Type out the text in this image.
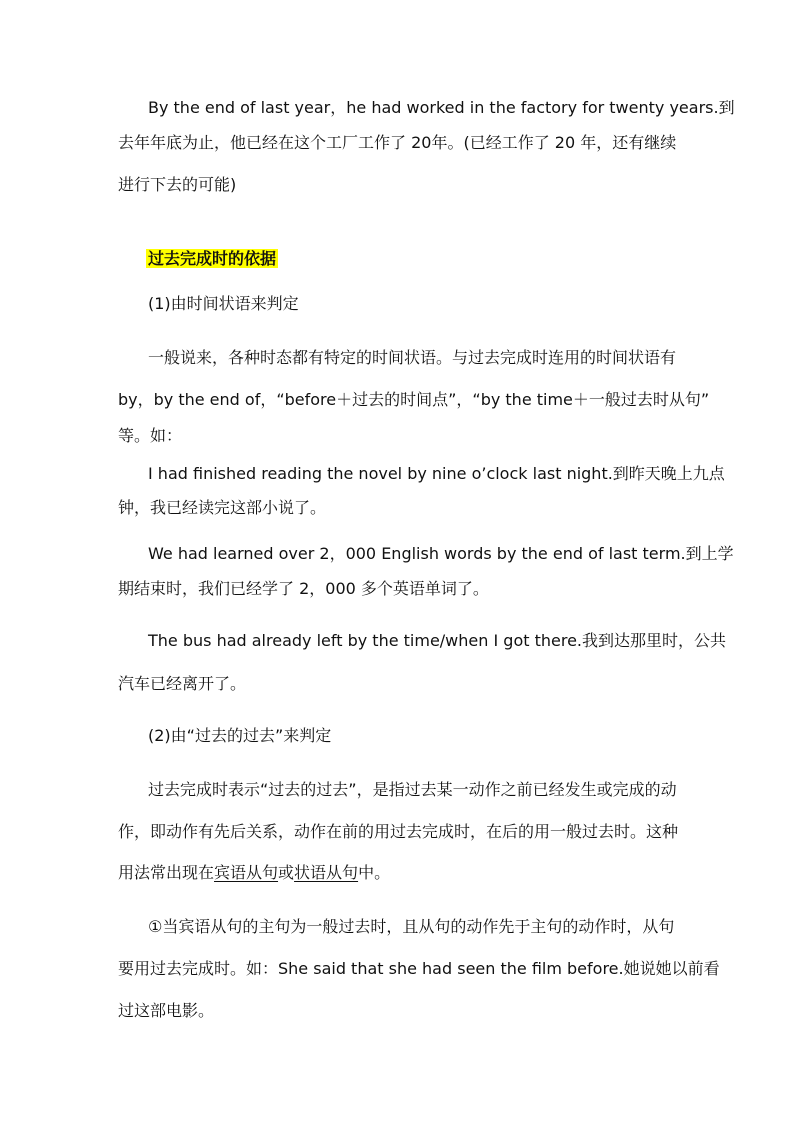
By the end of last year，he had worked in the factory for twenty years.到
去年年底为止，他已经在这个工厂工作了 20年。(已经工作了 20 年，还有继续
进行下去的可能)
过去完成时的依据
(1)由时间状语来判定
一般说来，各种时态都有特定的时间状语。与过去完成时连用的时间状语有
by，by the end of，“before＋过去的时间点”，“by the time＋一般过去时从句”
等。如：
I had finished reading the novel by nine o’clock last night.到昨天晚上九点
钟，我已经读完这部小说了。
We had learned over 2，000 English words by the end of last term.到上学
期结束时，我们已经学了 2，000 多个英语单词了。
The bus had already left by the time/when I got there.我到达那里时，公共
汽车已经离开了。
(2)由“过去的过去”来判定
过去完成时表示“过去的过去”，是指过去某一动作之前已经发生或完成的动
作，即动作有先后关系，动作在前的用过去完成时，在后的用一般过去时。这种
用法常出现在宾语从句或状语从句中。
①当宾语从句的主句为一般过去时，且从句的动作先于主句的动作时，从句
要用过去完成时。如：She said that she had seen the film before.她说她以前看
过这部电影。
